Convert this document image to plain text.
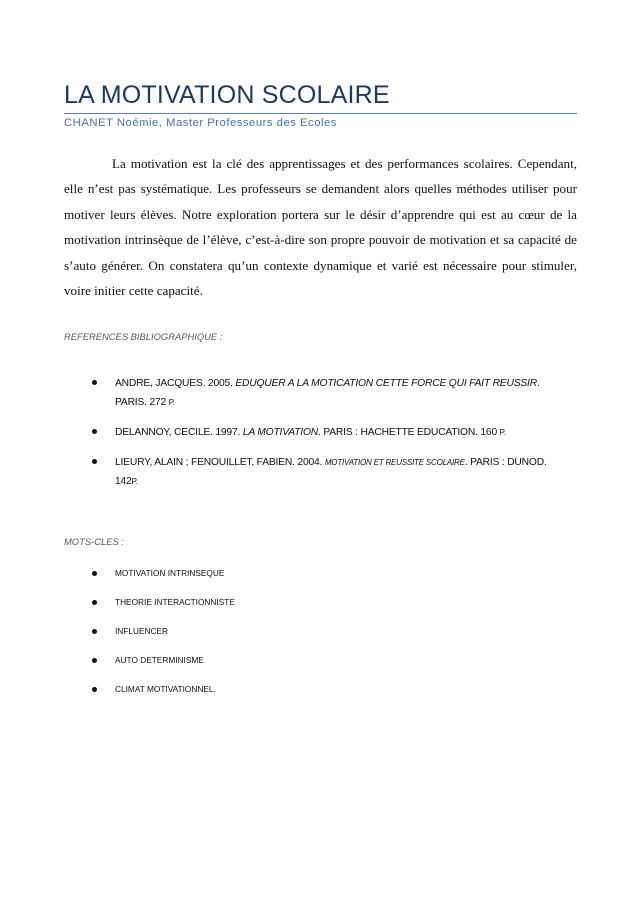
LA MOTIVATION SCOLAIRE
CHANET Noémie, Master Professeurs des Ecoles

La motivation est la clé des apprentissages et des performances scolaires. Cependant, elle n’est pas systématique. Les professeurs se demandent alors quelles méthodes utiliser pour motiver leurs élèves. Notre exploration portera sur le désir d’apprendre qui est au cœur de la motivation intrinsèque de l’élève, c’est-à-dire son propre pouvoir de motivation et sa capacité de s’auto générer. On constatera qu’un contexte dynamique et varié est nécessaire pour stimuler, voire initier cette capacité.

REFERENCES BIBLIOGRAPHIQUE :
ANDRE, JACQUES. 2005. EDUQUER A LA MOTICATION CETTE FORCE QUI FAIT REUSSIR. PARIS. 272 P.
DELANNOY, CECILE. 1997. LA MOTIVATION. PARIS : HACHETTE EDUCATION. 160 P.
LIEURY, ALAIN ; FENOUILLET, FABIEN. 2004. MOTIVATION ET REUSSITE SCOLAIRE. PARIS : DUNOD. 142P.
MOTS-CLES :
MOTIVATION INTRINSEQUE
THEORIE INTERACTIONNISTE
INFLUENCER
AUTO DETERMINISME
CLIMAT MOTIVATIONNEL.
